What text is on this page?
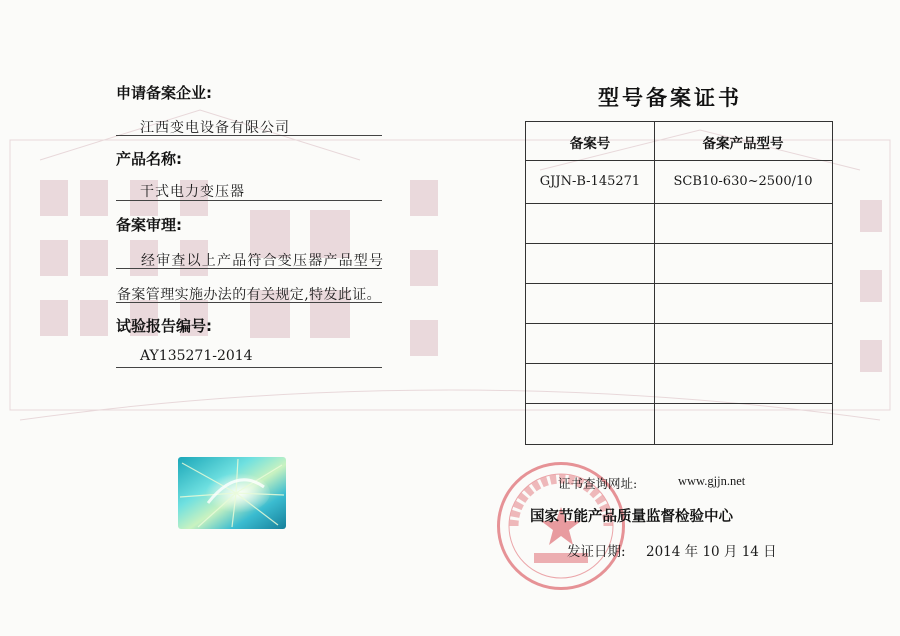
申请备案企业:
江西变电设备有限公司
产品名称:
干式电力变压器
备案审理:
经审查以上产品符合变压器产品型号
备案管理实施办法的有关规定,特发此证。
试验报告编号:
AY135271-2014
型号备案证书
备案号	备案产品型号
GJJN-B-145271	SCB10-630~2500/10
证书查询网址:	www.gjjn.net
国家节能产品质量监督检验中心
发证日期: 2014 年 10 月 14 日
